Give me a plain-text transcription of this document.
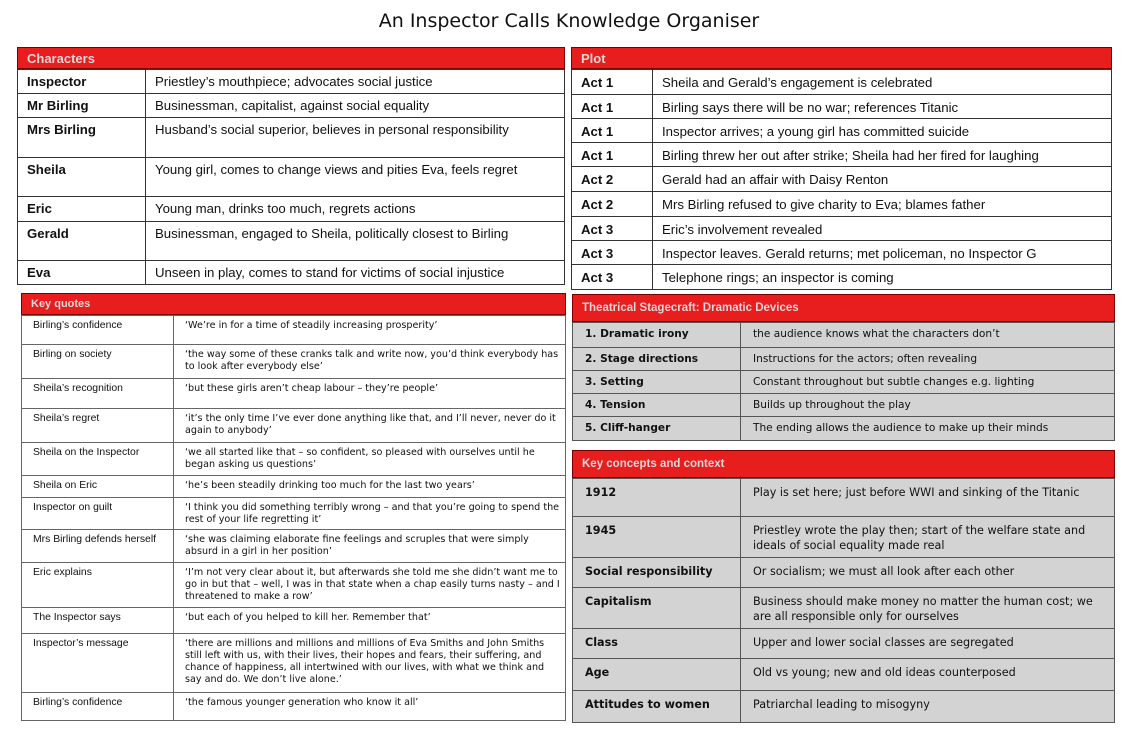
An Inspector Calls Knowledge Organiser
Characters
Inspector	Priestley’s mouthpiece; advocates social justice
Mr Birling	Businessman, capitalist, against social equality
Mrs Birling	Husband’s social superior, believes in personal responsibility
Sheila	Young girl, comes to change views and pities Eva, feels regret
Eric	Young man, drinks too much, regrets actions
Gerald	Businessman, engaged to Sheila, politically closest to Birling
Eva	Unseen in play, comes to stand for victims of social injustice
Plot
Act 1	Sheila and Gerald’s engagement is celebrated
Act 1	Birling says there will be no war; references Titanic
Act 1	Inspector arrives; a young girl has committed suicide
Act 1	Birling threw her out after strike; Sheila had her fired for laughing
Act 2	Gerald had an affair with Daisy Renton
Act 2	Mrs Birling refused to give charity to Eva; blames father
Act 3	Eric’s involvement revealed
Act 3	Inspector leaves. Gerald returns; met policeman, no Inspector G
Act 3	Telephone rings; an inspector is coming
Key quotes
Birling’s confidence	‘We’re in for a time of steadily increasing prosperity’
Birling on society	‘the way some of these cranks talk and write now, you’d think everybody has to look after everybody else’
Sheila’s recognition	‘but these girls aren’t cheap labour – they’re people’
Sheila’s regret	‘it’s the only time I’ve ever done anything like that, and I’ll never, never do it again to anybody’
Sheila on the Inspector	‘we all started like that – so confident, so pleased with ourselves until he began asking us questions’
Sheila on Eric	‘he’s been steadily drinking too much for the last two years’
Inspector on guilt	‘I think you did something terribly wrong – and that you’re going to spend the rest of your life regretting it’
Mrs Birling defends herself	‘she was claiming elaborate fine feelings and scruples that were simply absurd in a girl in her position’
Eric explains	‘I’m not very clear about it, but afterwards she told me she didn’t want me to go in but that – well, I was in that state when a chap easily turns nasty – and I threatened to make a row’
The Inspector says	‘but each of you helped to kill her. Remember that’
Inspector’s message	‘there are millions and millions and millions of Eva Smiths and John Smiths still left with us, with their lives, their hopes and fears, their suffering, and chance of happiness, all intertwined with our lives, with what we think and say and do. We don’t live alone.’
Birling’s confidence	‘the famous younger generation who know it all’
Theatrical Stagecraft: Dramatic Devices
1. Dramatic irony	the audience knows what the characters don’t
2. Stage directions	Instructions for the actors; often revealing
3. Setting	Constant throughout but subtle changes e.g. lighting
4. Tension	Builds up throughout the play
5. Cliff-hanger	The ending allows the audience to make up their minds
Key concepts and context
1912	Play is set here; just before WWI and sinking of the Titanic
1945	Priestley wrote the play then; start of the welfare state and ideals of social equality made real
Social responsibility	Or socialism; we must all look after each other
Capitalism	Business should make money no matter the human cost; we are all responsible only for ourselves
Class	Upper and lower social classes are segregated
Age	Old vs young; new and old ideas counterposed
Attitudes to women	Patriarchal leading to misogyny
